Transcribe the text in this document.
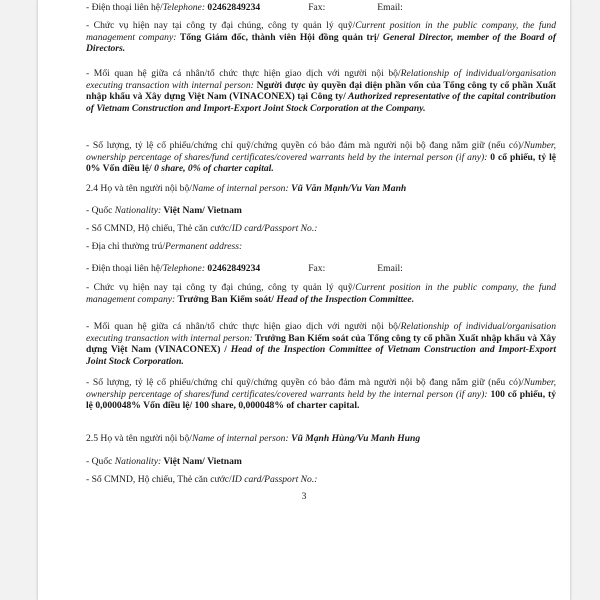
- Điện thoại liên hệ/Telephone: 02462849234	Fax:	Email:
- Chức vụ hiện nay tại công ty đại chúng, công ty quản lý quỹ/Current position in the public company, the fund management company: Tổng Giám đốc, thành viên Hội đồng quản trị/ General Director, member of the Board of Directors.
- Mối quan hệ giữa cá nhân/tổ chức thực hiện giao dịch với người nội bộ/Relationship of individual/organisation executing transaction with internal person: Người được ủy quyền đại diện phần vốn của Tổng công ty cổ phần Xuất nhập khẩu và Xây dựng Việt Nam (VINACONEX) tại Công ty/ Authorized representative of the capital contribution of Vietnam Construction and Import-Export Joint Stock Corporation at the Company.
- Số lượng, tỷ lệ cổ phiếu/chứng chỉ quỹ/chứng quyền có bảo đảm mà người nội bộ đang nắm giữ (nếu có)/Number, ownership percentage of shares/fund certificates/covered warrants held by the internal person (if any): 0 cổ phiếu, tỷ lệ 0% Vốn điều lệ/ 0 share, 0% of charter capital.
2.4 Họ và tên người nội bộ/Name of internal person: Vũ Văn Mạnh/Vu Van Manh
- Quốc Nationality: Việt Nam/ Vietnam
- Số CMND, Hộ chiếu, Thẻ căn cước/ID card/Passport No.:
- Địa chỉ thường trú/Permanent address:
- Điện thoại liên hệ/Telephone: 02462849234	Fax:	Email:
- Chức vụ hiện nay tại công ty đại chúng, công ty quản lý quỹ/Current position in the public company, the fund management company: Trưởng Ban Kiểm soát/ Head of the Inspection Committee.
- Mối quan hệ giữa cá nhân/tổ chức thực hiện giao dịch với người nội bộ/Relationship of individual/organisation executing transaction with internal person: Trưởng Ban Kiểm soát của Tổng công ty cổ phần Xuất nhập khẩu và Xây dựng Việt Nam (VINACONEX) / Head of the Inspection Committee of Vietnam Construction and Import-Export Joint Stock Corporation.
- Số lượng, tỷ lệ cổ phiếu/chứng chỉ quỹ/chứng quyền có bảo đảm mà người nội bộ đang nắm giữ (nếu có)/Number, ownership percentage of shares/fund certificates/covered warrants held by the internal person (if any): 100 cổ phiếu, tỷ lệ 0,000048% Vốn điều lệ/ 100 share, 0,000048% of charter capital.
2.5 Họ và tên người nội bộ/Name of internal person: Vũ Mạnh Hùng/Vu Manh Hung
- Quốc Nationality: Việt Nam/ Vietnam
- Số CMND, Hộ chiếu, Thẻ căn cước/ID card/Passport No.:
3
